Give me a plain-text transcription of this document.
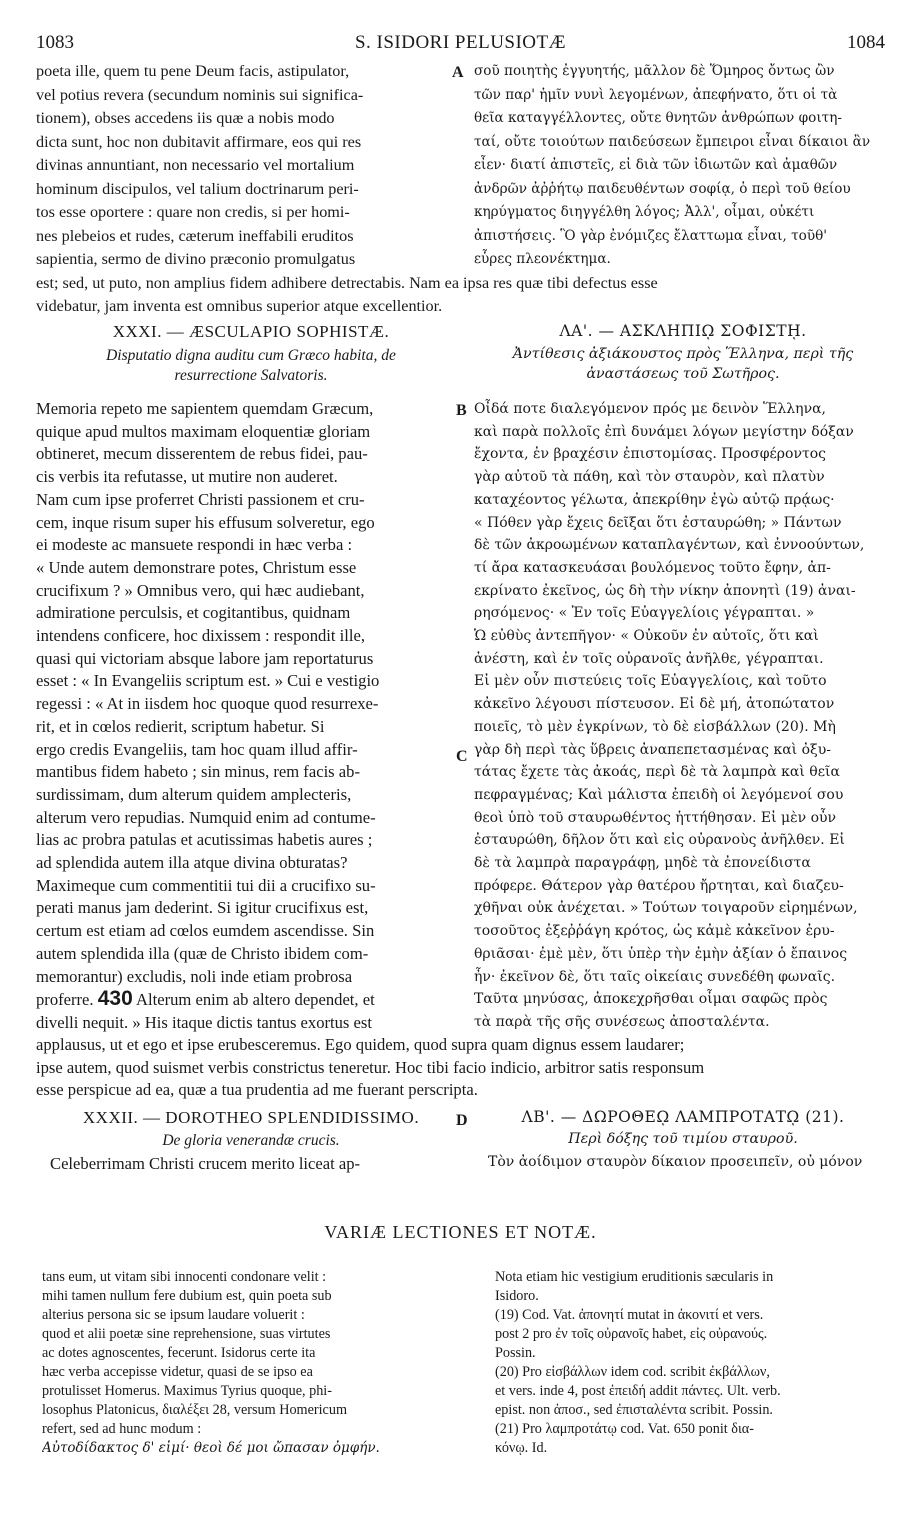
1083	S. ISIDORI PELUSIOTÆ	1084
poeta ille, quem tu pene Deum facis, astipulator,
vel potius revera (secundum nominis sui significa-
tionem), obses accedens iis quæ a nobis modo
dicta sunt, hoc non dubitavit affirmare, eos qui res
divinas annuntiant, non necessario vel mortalium
hominum discipulos, vel talium doctrinarum peri-
tos esse oportere : quare non credis, si per homi-
nes plebeios et rudes, cæterum ineffabili eruditos
sapientia, sermo de divino præconio promulgatus
A σοῦ ποιητὴς ἐγγυητής, μᾶλλον δὲ Ὅμηρος ὄντως ὢν
τῶν παρ' ἡμῖν νυνὶ λεγομένων, ἀπεφήνατο, ὅτι οἱ τὰ
θεῖα καταγγέλλοντες, οὔτε θνητῶν ἀνθρώπων φοιτη-
ταί, οὔτε τοιούτων παιδεύσεων ἔμπειροι εἶναι δίκαιοι ἂν
εἶεν· διατί ἀπιστεῖς, εἰ διὰ τῶν ἰδιωτῶν καὶ ἀμαθῶν
ἀνδρῶν ἀῤῥήτῳ παιδευθέντων σοφίᾳ, ὁ περὶ τοῦ θείου
κηρύγματος διηγγέλθη λόγος; Ἀλλ', οἶμαι, οὐκέτι
ἀπιστήσεις. Ὃ γὰρ ἐνόμιζες ἔλαττωμα εἶναι, τοῦθ'
εὗρες πλεονέκτημα.
est; sed, ut puto, non amplius fidem adhibere detrectabis. Nam ea ipsa res quæ tibi defectus esse
videbatur, jam inventa est omnibus superior atque excellentior.
XXXI. — ÆSCULAPIO SOPHISTÆ.
Disputatio digna auditu cum Græco habita, de
resurrectione Salvatoris.
ΛΑ'. — ΑΣΚΛΗΠΙῼ ΣΟΦΙΣΤῌ.
Ἀντίθεσις ἀξιάκουστος πρὸς Ἕλληνα, περὶ τῆς
ἀναστάσεως τοῦ Σωτῆρος.
Memoria repeto me sapientem quemdam Græcum,
quique apud multos maximam eloquentiæ gloriam
obtineret, mecum disserentem de rebus fidei, pau-
cis verbis ita refutasse, ut mutire non auderet.
Nam cum ipse proferret Christi passionem et cru-
cem, inque risum super his effusum solveretur, ego
ei modeste ac mansuete respondi in hæc verba :
« Unde autem demonstrare potes, Christum esse
crucifixum ? » Omnibus vero, qui hæc audiebant,
admiratione perculsis, et cogitantibus, quidnam
intendens conficere, hoc dixissem : respondit ille,
quasi qui victoriam absque labore jam reportaturus
esset : « In Evangeliis scriptum est. » Cui e vestigio
regessi : « At in iisdem hoc quoque quod resurrexe-
rit, et in cœlos redierit, scriptum habetur. Si
ergo credis Evangeliis, tam hoc quam illud affir-
mantibus fidem habeto ; sin minus, rem facis ab-
surdissimam, dum alterum quidem amplecteris,
alterum vero repudias. Numquid enim ad contume-
lias ac probra patulas et acutissimas habetis aures ;
ad splendida autem illa atque divina obturatas?
Maximeque cum commentitii tui dii a crucifixo su-
perati manus jam dederint. Si igitur crucifixus est,
certum est etiam ad cœlos eumdem ascendisse. Sin
autem splendida illa (quæ de Christo ibidem com-
memorantur) excludis, noli inde etiam probrosa
proferre. 430 Alterum enim ab altero dependet, et
divelli nequit. » His itaque dictis tantus exortus est
B
C
Οἶδά ποτε διαλεγόμενον πρός με δεινὸν Ἕλληνα,
καὶ παρὰ πολλοῖς ἐπὶ δυνάμει λόγων μεγίστην δόξαν
ἔχοντα, ἐν βραχέσιν ἐπιστομίσας. Προσφέροντος
γὰρ αὐτοῦ τὰ πάθη, καὶ τὸν σταυρὸν, καὶ πλατὺν
καταχέοντος γέλωτα, ἀπεκρίθην ἐγὼ αὐτῷ πρᾴως·
« Πόθεν γὰρ ἔχεις δεῖξαι ὅτι ἐσταυρώθη; » Πάντων
δὲ τῶν ἀκροωμένων καταπλαγέντων, καὶ ἐννοούντων,
τί ἄρα κατασκευάσαι βουλόμενος τοῦτο ἔφην, ἀπ-
εκρίνατο ἐκεῖνος, ὡς δὴ τὴν νίκην ἀπονητὶ (19) ἀναι-
ρησόμενος· « Ἐν τοῖς Εὐαγγελίοις γέγραπται. »
Ὡ εὐθὺς ἀντεπῆγον· « Οὐκοῦν ἐν αὐτοῖς, ὅτι καὶ
ἀνέστη, καὶ ἐν τοῖς οὐρανοῖς ἀνῆλθε, γέγραπται.
Εἰ μὲν οὖν πιστεύεις τοῖς Εὐαγγελίοις, καὶ τοῦτο
κἀκεῖνο λέγουσι πίστευσον. Εἰ δὲ μή, ἀτοπώτατον
ποιεῖς, τὸ μὲν ἐγκρίνων, τὸ δὲ εἰσβάλλων (20). Μὴ
γὰρ δὴ περὶ τὰς ὕβρεις ἀναπεπετασμένας καὶ ὀξυ-
τάτας ἔχετε τὰς ἀκοάς, περὶ δὲ τὰ λαμπρὰ καὶ θεῖα
πεφραγμένας; Καὶ μάλιστα ἐπειδὴ οἱ λεγόμενοί σου
θεοὶ ὑπὸ τοῦ σταυρωθέντος ἡττήθησαν. Εἰ μὲν οὖν
ἐσταυρώθη, δῆλον ὅτι καὶ εἰς οὐρανοὺς ἀνῆλθεν. Εἰ
δὲ τὰ λαμπρὰ παραγράφῃ, μηδὲ τὰ ἐπονείδιστα
πρόφερε. Θάτερον γὰρ θατέρου ἤρτηται, καὶ διαζευ-
χθῆναι οὐκ ἀνέχεται. » Τούτων τοιγαροῦν εἰρημένων,
τοσοῦτος ἐξεῤῥάγη κρότος, ὡς κἀμὲ κἀκεῖνον ἐρυ-
θριᾶσαι· ἐμὲ μὲν, ὅτι ὑπὲρ τὴν ἐμὴν ἀξίαν ὁ ἔπαινος
ἦν· ἐκεῖνον δὲ, ὅτι ταῖς οἰκείαις συνεδέθη φωναῖς.
Ταῦτα μηνύσας, ἀποκεχρῆσθαι οἶμαι σαφῶς πρὸς
τὰ παρὰ τῆς σῆς συνέσεως ἀποσταλέντα.
applausus, ut et ego et ipse erubesceremus. Ego quidem, quod supra quam dignus essem laudarer;
ipse autem, quod suismet verbis constrictus teneretur. Hoc tibi facio indicio, arbitror satis responsum
esse perspicue ad ea, quæ a tua prudentia ad me fuerant perscripta.
XXXII. — DOROTHEO SPLENDIDISSIMO.
De gloria venerandæ crucis.
Celeberrimam Christi crucem merito liceat ap-
D	ΛΒ'. — ΔΩΡΟΘΕῼ ΛΑΜΠΡΟΤΑΤῼ (21).
Περὶ δόξης τοῦ τιμίου σταυροῦ.
Τὸν ἀοίδιμον σταυρὸν δίκαιον προσειπεῖν, οὐ μόνον
VARIÆ LECTIONES ET NOTÆ.
tans eum, ut vitam sibi innocenti condonare velit :
mihi tamen nullum fere dubium est, quin poeta sub
alterius persona sic se ipsum laudare voluerit :
quod et alii poetæ sine reprehensione, suas virtutes
ac dotes agnoscentes, fecerunt. Isidorus certe ita
hæc verba accepisse videtur, quasi de se ipso ea
protulisset Homerus. Maximus Tyrius quoque, phi-
losophus Platonicus, διαλέξει 28, versum Homericum
refert, sed ad hunc modum :
Αὐτοδίδακτος δ' εἰμί· θεοὶ δέ μοι ὤπασαν ὀμφήν.
Nota etiam hic vestigium eruditionis sæcularis in
Isidoro.
(19) Cod. Vat. ἀπονητί mutat in ἀκονιτί et vers.
post 2 pro ἐν τοῖς οὐρανοῖς habet, εἰς οὐρανούς.
Possin.
(20) Pro εἰσβάλλων idem cod. scribit ἐκβάλλων,
et vers. inde 4, post ἐπειδή addit πάντες. Ult. verb.
epist. non ἀποσ., sed ἐπισταλέντα scribit. Possin.
(21) Pro λαμπροτάτῳ cod. Vat. 650 ponit δια-
κόνῳ. Id.
